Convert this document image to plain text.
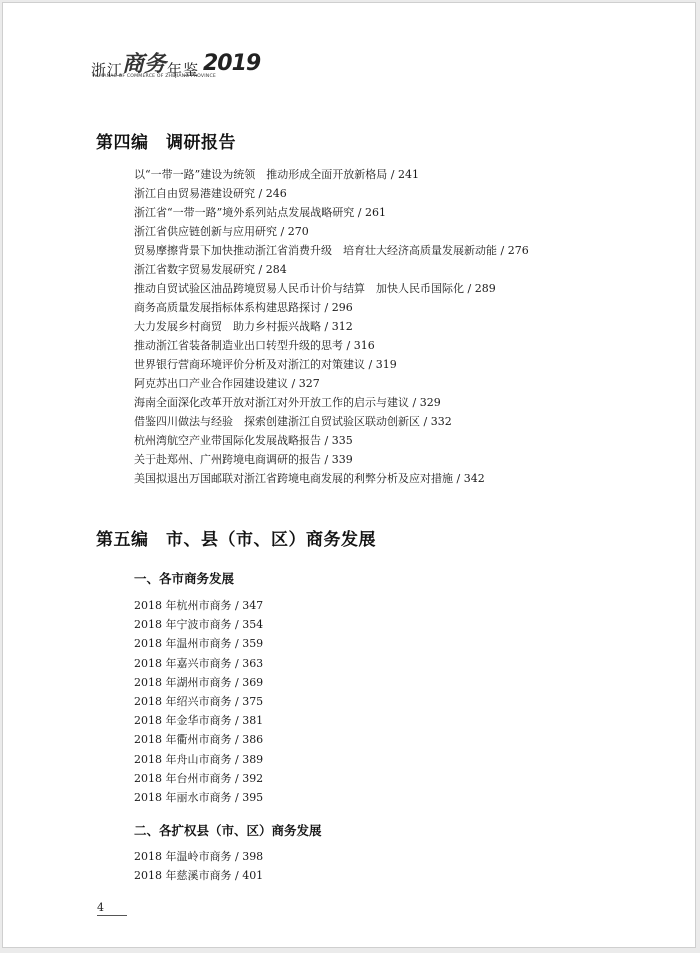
浙江
商务 年鉴 2019
ALMANAC OF COMMERCE OF ZHEJIANG PROVINCE
第四编　调研报告
以“一带一路”建设为统领　推动形成全面开放新格局 / 241
浙江自由贸易港建设研究 / 246
浙江省“一带一路”境外系列站点发展战略研究 / 261
浙江省供应链创新与应用研究 / 270
贸易摩擦背景下加快推动浙江省消费升级　培育壮大经济高质量发展新动能 / 276
浙江省数字贸易发展研究 / 284
推动自贸试验区油品跨境贸易人民币计价与结算　加快人民币国际化 / 289
商务高质量发展指标体系构建思路探讨 / 296
大力发展乡村商贸　助力乡村振兴战略 / 312
推动浙江省装备制造业出口转型升级的思考 / 316
世界银行营商环境评价分析及对浙江的对策建议 / 319
阿克苏出口产业合作园建设建议 / 327
海南全面深化改革开放对浙江对外开放工作的启示与建议 / 329
借鉴四川做法与经验　探索创建浙江自贸试验区联动创新区 / 332
杭州湾航空产业带国际化发展战略报告 / 335
关于赴郑州、广州跨境电商调研的报告 / 339
美国拟退出万国邮联对浙江省跨境电商发展的利弊分析及应对措施 / 342
第五编　市、县（市、区）商务发展
一、各市商务发展
2018 年杭州市商务 / 347
2018 年宁波市商务 / 354
2018 年温州市商务 / 359
2018 年嘉兴市商务 / 363
2018 年湖州市商务 / 369
2018 年绍兴市商务 / 375
2018 年金华市商务 / 381
2018 年衢州市商务 / 386
2018 年舟山市商务 / 389
2018 年台州市商务 / 392
2018 年丽水市商务 / 395
二、各扩权县（市、区）商务发展
2018 年温岭市商务 / 398
2018 年慈溪市商务 / 401
4
